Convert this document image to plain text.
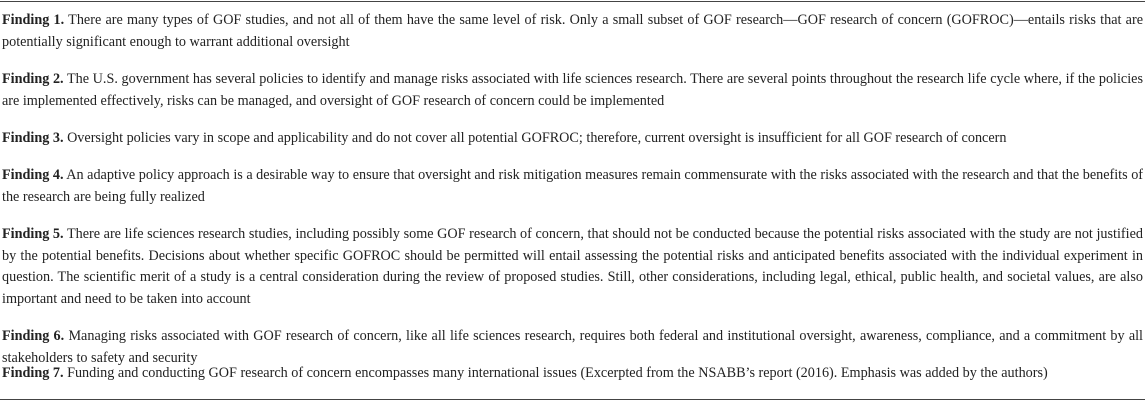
Finding 1. There are many types of GOF studies, and not all of them have the same level of risk. Only a small subset of GOF research—GOF research of concern (GOFROC)—entails risks that are potentially significant enough to warrant additional oversight

Finding 2. The U.S. government has several policies to identify and manage risks associated with life sciences research. There are several points throughout the research life cycle where, if the policies are implemented effectively, risks can be managed, and oversight of GOF research of concern could be implemented

Finding 3. Oversight policies vary in scope and applicability and do not cover all potential GOFROC; therefore, current oversight is insufficient for all GOF research of concern

Finding 4. An adaptive policy approach is a desirable way to ensure that oversight and risk mitigation measures remain commensurate with the risks associated with the research and that the benefits of the research are being fully realized

Finding 5. There are life sciences research studies, including possibly some GOF research of concern, that should not be conducted because the potential risks associated with the study are not justified by the potential benefits. Decisions about whether specific GOFROC should be permitted will entail assessing the potential risks and anticipated benefits associated with the individual experiment in question. The scientific merit of a study is a central consideration during the review of proposed studies. Still, other considerations, including legal, ethical, public health, and societal values, are also important and need to be taken into account

Finding 6. Managing risks associated with GOF research of concern, like all life sciences research, requires both federal and institutional oversight, awareness, compliance, and a commitment by all stakeholders to safety and security

Finding 7. Funding and conducting GOF research of concern encompasses many international issues (Excerpted from the NSABB’s report (2016). Emphasis was added by the authors)
